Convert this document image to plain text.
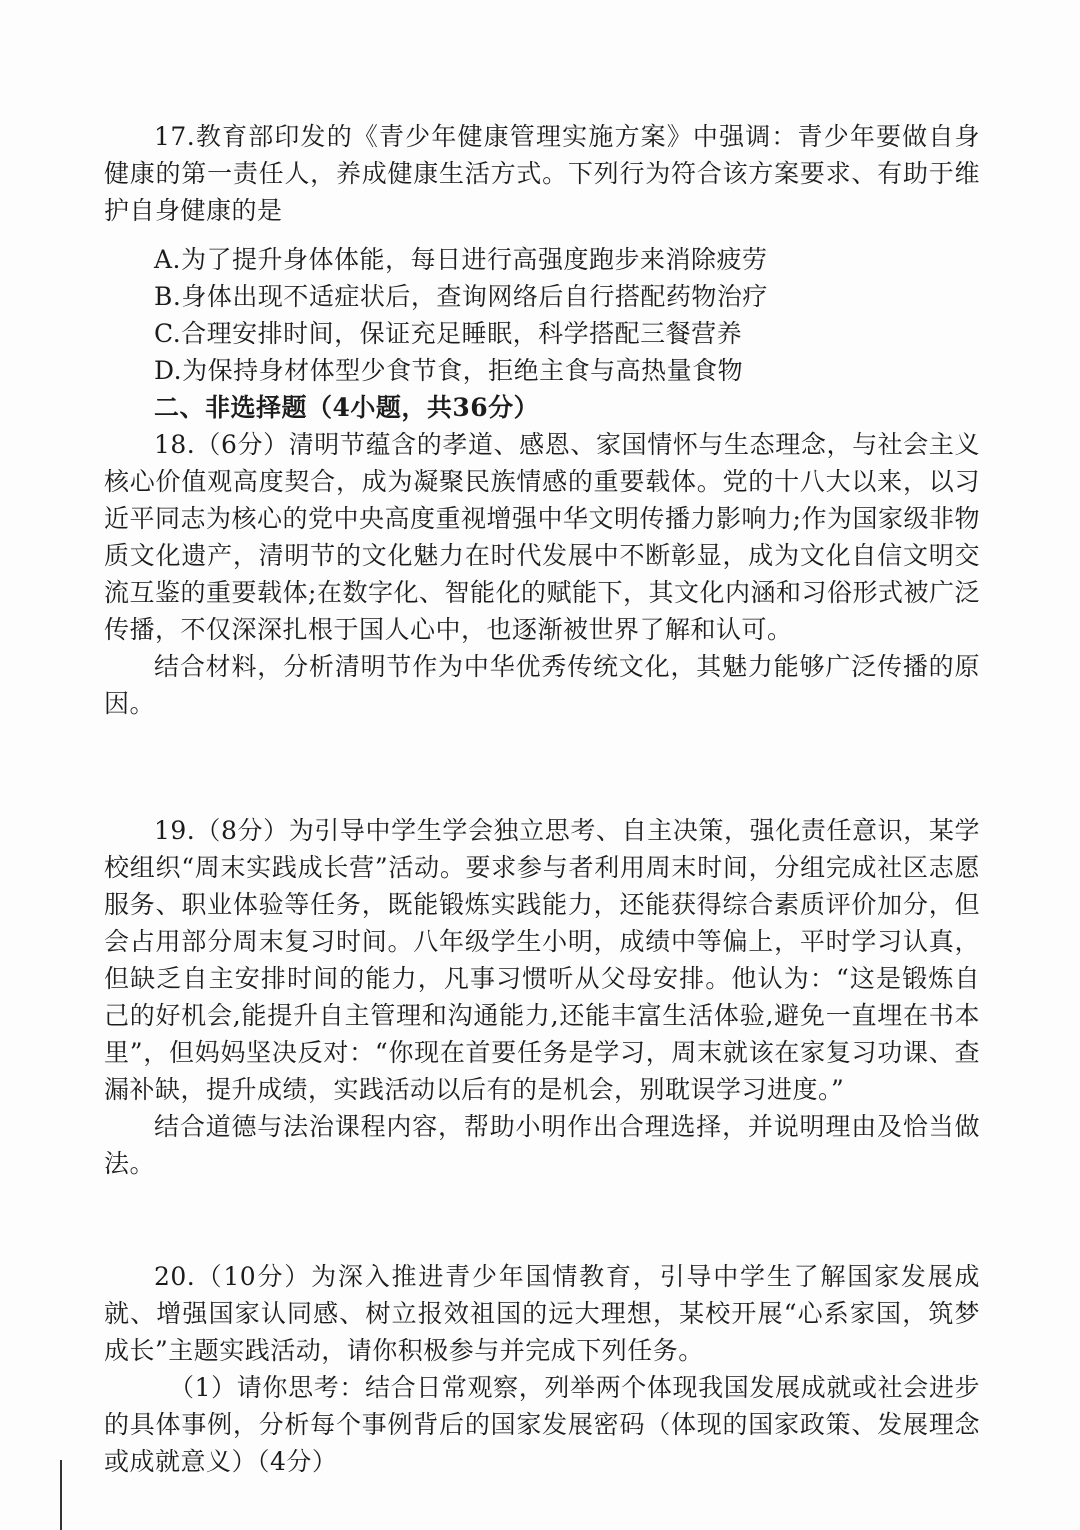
17.教育部印发的《青少年健康管理实施方案》中强调：青少年要做自身健康的第一责任人，养成健康生活方式。下列行为符合该方案要求、有助于维护自身健康的是

A.为了提升身体体能，每日进行高强度跑步来消除疲劳

B.身体出现不适症状后，查询网络后自行搭配药物治疗

C.合理安排时间，保证充足睡眠，科学搭配三餐营养

D.为保持身材体型少食节食，拒绝主食与高热量食物

二、非选择题（4小题，共36分）

18.（6分）清明节蕴含的孝道、感恩、家国情怀与生态理念，与社会主义核心价值观高度契合，成为凝聚民族情感的重要载体。党的十八大以来，以习近平同志为核心的党中央高度重视增强中华文明传播力影响力;作为国家级非物质文化遗产，清明节的文化魅力在时代发展中不断彰显，成为文化自信文明交流互鉴的重要载体;在数字化、智能化的赋能下，其文化内涵和习俗形式被广泛传播，不仅深深扎根于国人心中，也逐渐被世界了解和认可。

结合材料，分析清明节作为中华优秀传统文化，其魅力能够广泛传播的原因。

19.（8分）为引导中学生学会独立思考、自主决策，强化责任意识，某学校组织“周末实践成长营”活动。要求参与者利用周末时间，分组完成社区志愿服务、职业体验等任务，既能锻炼实践能力，还能获得综合素质评价加分，但会占用部分周末复习时间。八年级学生小明，成绩中等偏上，平时学习认真，但缺乏自主安排时间的能力，凡事习惯听从父母安排。他认为：“这是锻炼自己的好机会,能提升自主管理和沟通能力,还能丰富生活体验,避免一直埋在书本里”，但妈妈坚决反对：“你现在首要任务是学习，周末就该在家复习功课、查漏补缺，提升成绩，实践活动以后有的是机会，别耽误学习进度。”

结合道德与法治课程内容，帮助小明作出合理选择，并说明理由及恰当做法。

20.（10分）为深入推进青少年国情教育，引导中学生了解国家发展成就、增强国家认同感、树立报效祖国的远大理想，某校开展“心系家国，筑梦成长”主题实践活动，请你积极参与并完成下列任务。

（1）请你思考：结合日常观察，列举两个体现我国发展成就或社会进步的具体事例，分析每个事例背后的国家发展密码（体现的国家政策、发展理念或成就意义）（4分）
